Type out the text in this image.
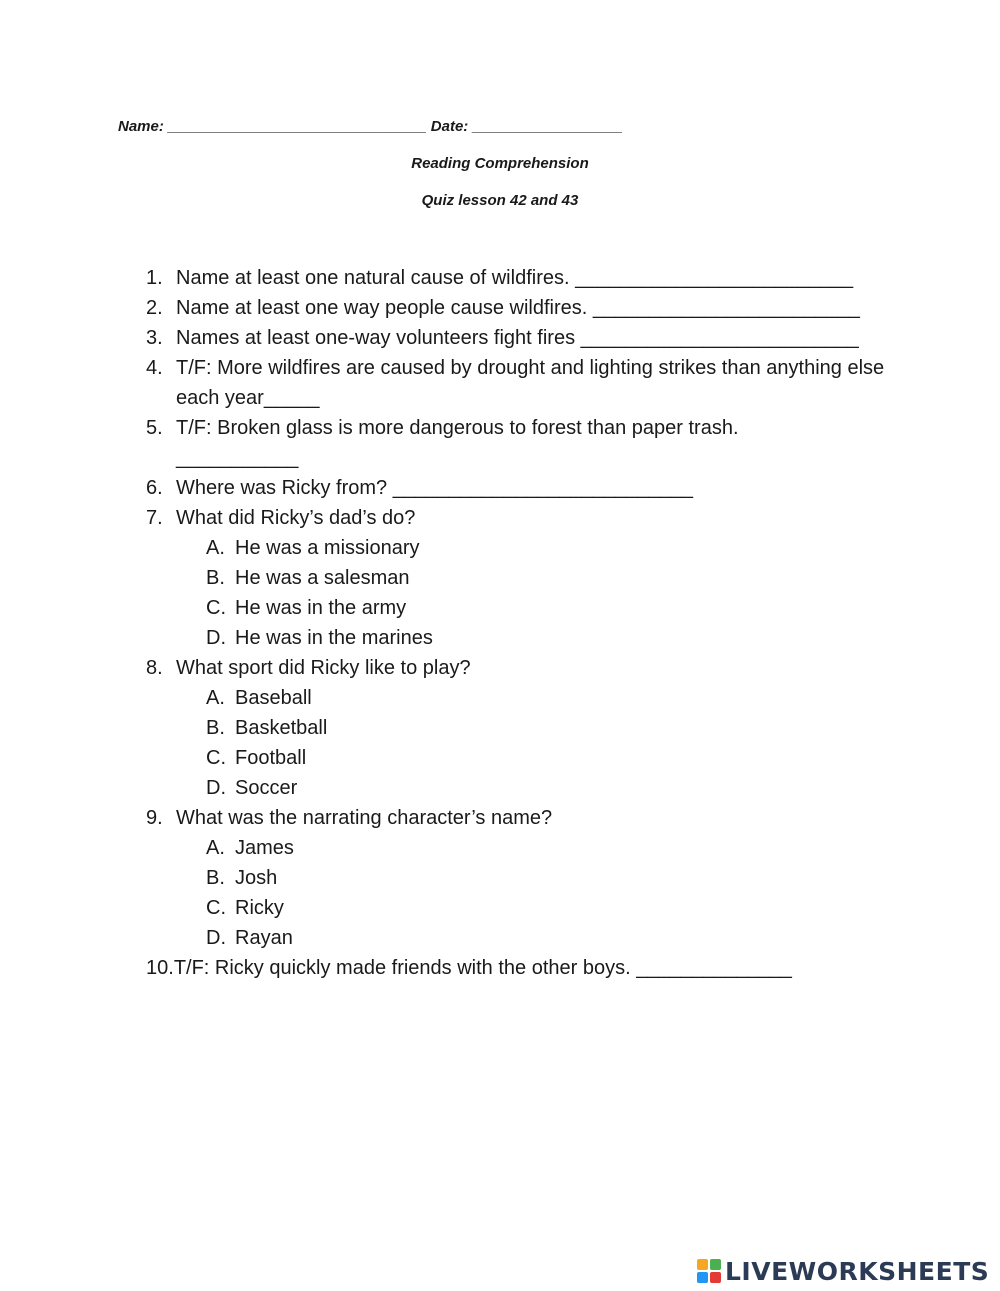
Name: _______________________________ Date: __________________
Reading Comprehension
Quiz lesson 42 and 43
1. Name at least one natural cause of wildfires. _________________________
2. Name at least one way people cause wildfires. ________________________
3. Names at least one-way volunteers fight fires _________________________
4. T/F: More wildfires are caused by drought and lighting strikes than anything else each year_____
5. T/F: Broken glass is more dangerous to forest than paper trash.
___________
6. Where was Ricky from? ___________________________
7. What did Ricky’s dad’s do?
A. He was a missionary
B. He was a salesman
C. He was in the army
D. He was in the marines
8. What sport did Ricky like to play?
A. Baseball
B. Basketball
C. Football
D. Soccer
9. What was the narrating character’s name?
A. James
B. Josh
C. Ricky
D. Rayan
10. T/F: Ricky quickly made friends with the other boys. ______________
LIVEWORKSHEETS
